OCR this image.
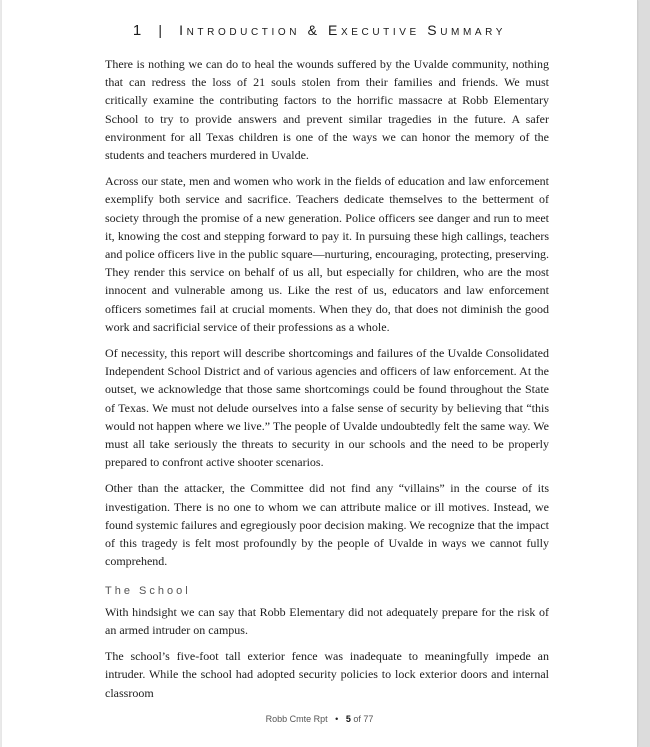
1 | Introduction & Executive Summary

There is nothing we can do to heal the wounds suffered by the Uvalde community, nothing that can redress the loss of 21 souls stolen from their families and friends. We must critically examine the contributing factors to the horrific massacre at Robb Elementary School to try to provide answers and prevent similar tragedies in the future. A safer environment for all Texas children is one of the ways we can honor the memory of the students and teachers murdered in Uvalde.

Across our state, men and women who work in the fields of education and law enforcement exemplify both service and sacrifice. Teachers dedicate themselves to the betterment of society through the promise of a new generation. Police officers see danger and run to meet it, knowing the cost and stepping forward to pay it. In pursuing these high callings, teachers and police officers live in the public square—nurturing, encouraging, protecting, preserving. They render this service on behalf of us all, but especially for children, who are the most innocent and vulnerable among us. Like the rest of us, educators and law enforcement officers sometimes fail at crucial moments. When they do, that does not diminish the good work and sacrificial service of their professions as a whole.

Of necessity, this report will describe shortcomings and failures of the Uvalde Consolidated Independent School District and of various agencies and officers of law enforcement. At the outset, we acknowledge that those same shortcomings could be found throughout the State of Texas. We must not delude ourselves into a false sense of security by believing that “this would not happen where we live.” The people of Uvalde undoubtedly felt the same way. We must all take seriously the threats to security in our schools and the need to be properly prepared to confront active shooter scenarios.

Other than the attacker, the Committee did not find any “villains” in the course of its investigation. There is no one to whom we can attribute malice or ill motives. Instead, we found systemic failures and egregiously poor decision making. We recognize that the impact of this tragedy is felt most profoundly by the people of Uvalde in ways we cannot fully comprehend.

The School

With hindsight we can say that Robb Elementary did not adequately prepare for the risk of an armed intruder on campus.

The school’s five-foot tall exterior fence was inadequate to meaningfully impede an intruder. While the school had adopted security policies to lock exterior doors and internal classroom

Robb Cmte Rpt • 5 of 77
